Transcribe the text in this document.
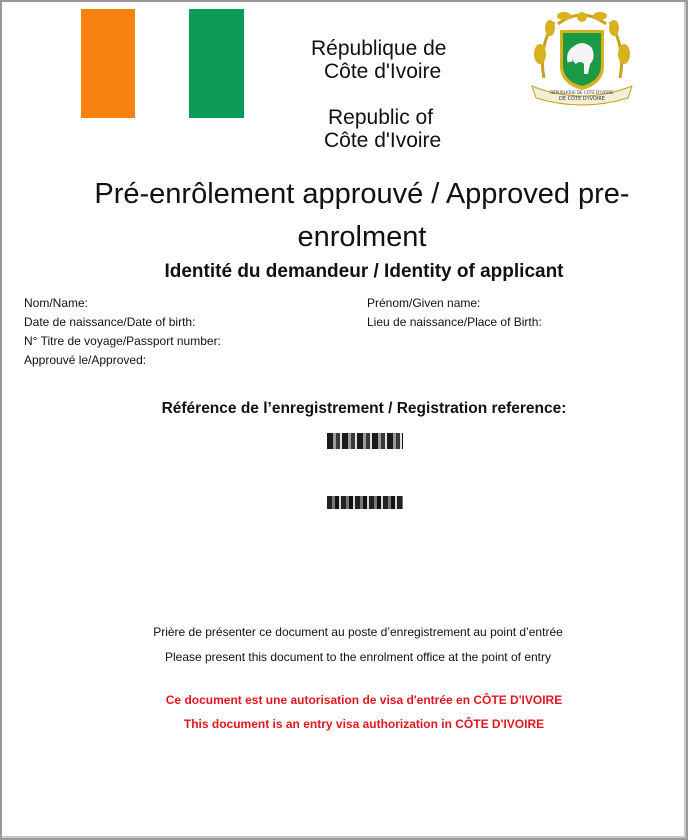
République de
Côte d'Ivoire
Republic of
Côte d'Ivoire
DE CÔTE D'IVOIRE
RÉPUBLIQUE DE CÔTE D'IVOIRE
Pré-enrôlement approuvé / Approved pre-enrolment
Identité du demandeur / Identity of applicant
Nom/Name:	Prénom/Given name:
Date de naissance/Date of birth:	Lieu de naissance/Place of Birth:
N° Titre de voyage/Passport number:
Approuvé le/Approved:
Référence de l’enregistrement / Registration reference:
Prière de présenter ce document au poste d’enregistrement au point d’entrée
Please present this document to the enrolment office at the point of entry
Ce document est une autorisation de visa d'entrée en CÔTE D'IVOIRE
This document is an entry visa authorization in CÔTE D'IVOIRE
